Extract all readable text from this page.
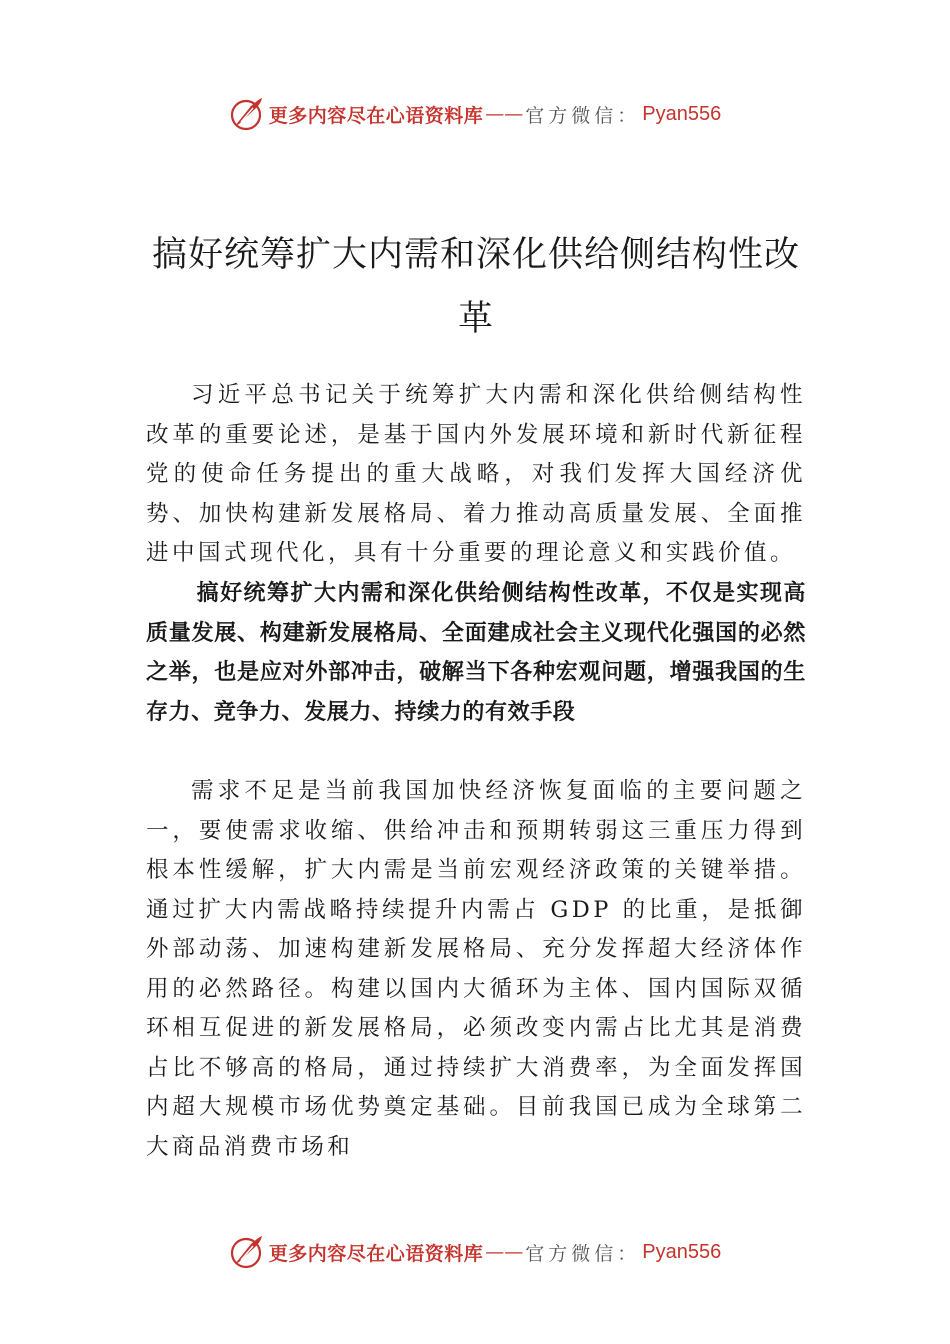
更多内容尽在心语资料库 —— 官方微信 ： Pyan556
搞好统筹扩大内需和深化供给侧结构性改革

习近平总书记关于统筹扩大内需和深化供给侧结构性改革的重要论述，是基于国内外发展环境和新时代新征程党的使命任务提出的重大战略，对我们发挥大国经济优势、加快构建新发展格局、着力推动高质量发展、全面推进中国式现代化，具有十分重要的理论意义和实践价值。

搞好统筹扩大内需和深化供给侧结构性改革，不仅是实现高质量发展、构建新发展格局、全面建成社会主义现代化强国的必然之举，也是应对外部冲击，破解当下各种宏观问题，增强我国的生存力、竞争力、发展力、持续力的有效手段

需求不足是当前我国加快经济恢复面临的主要问题之一，要使需求收缩、供给冲击和预期转弱这三重压力得到根本性缓解，扩大内需是当前宏观经济政策的关键举措。通过扩大内需战略持续提升内需占 GDP 的比重，是抵御外部动荡、加速构建新发展格局、充分发挥超大经济体作用的必然路径。构建以国内大循环为主体、国内国际双循环相互促进的新发展格局，必须改变内需占比尤其是消费占比不够高的格局，通过持续扩大消费率，为全面发挥国内超大规模市场优势奠定基础。目前我国已成为全球第二大商品消费市场和

更多内容尽在心语资料库 —— 官方微信 ： Pyan556
